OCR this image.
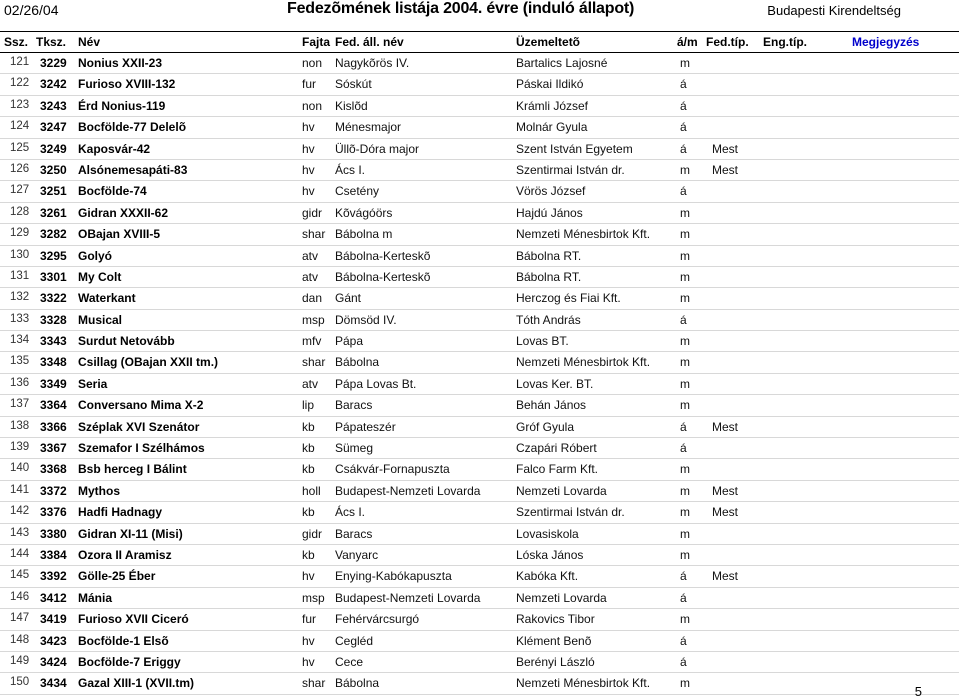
02/26/04	Fedezõmének listája 2004. évre (induló állapot)	Budapesti Kirendeltség
Ssz. Tksz. Név	Fajta Fed. áll. név	Üzemeltetõ	á/m Fed.típ. Eng.típ.	Megjegyzés
121 3229 Nonius XXII-23	non Nagykõrös IV.	Bartalics Lajosné	m
122 3242 Furioso XVIII-132	fur Sóskút	Páskai Ildikó	á
123 3243 Érd Nonius-119	non Kislõd	Krámli József	á
124 3247 Bocfölde-77 Delelõ	hv Ménesmajor	Molnár Gyula	á
125 3249 Kaposvár-42	hv Üllõ-Dóra major	Szent István Egyetem	á Mest
126 3250 Alsónemesapáti-83	hv Ács I.	Szentirmai István dr.	m Mest
127 3251 Bocfölde-74	hv Csetény	Vörös József	á
128 3261 Gidran XXXII-62	gidr Kõvágóörs	Hajdú János	m
129 3282 OBajan XVIII-5	shar Bábolna m	Nemzeti Ménesbirtok Kft. m
130 3295 Golyó	atv Bábolna-Kerteskõ	Bábolna RT.	m
131 3301 My Colt	atv Bábolna-Kerteskõ	Bábolna RT.	m
132 3322 Waterkant	dan Gánt	Herczog és Fiai Kft.	m
133 3328 Musical	msp Dömsöd IV.	Tóth András	á
134 3343 Surdut Netovább	mfv Pápa	Lovas BT.	m
135 3348 Csillag (OBajan XXII tm.)	shar Bábolna	Nemzeti Ménesbirtok Kft. m
136 3349 Seria	atv Pápa Lovas Bt.	Lovas Ker. BT.	m
137 3364 Conversano Mima X-2	lip Baracs	Behán János	m
138 3366 Széplak XVI Szenátor	kb Pápateszér	Gróf Gyula	á Mest
139 3367 Szemafor I Szélhámos	kb Sümeg	Czapári Róbert	á
140 3368 Bsb herceg I Bálint	kb Csákvár-Fornapuszta	Falco Farm Kft.	m
141 3372 Mythos	holl Budapest-Nemzeti Lovarda	Nemzeti Lovarda	m Mest
142 3376 Hadfi Hadnagy	kb Ács I.	Szentirmai István dr.	m Mest
143 3380 Gidran XI-11 (Misi)	gidr Baracs	Lovasiskola	m
144 3384 Ozora II Aramisz	kb Vanyarc	Lóska János	m
145 3392 Gölle-25 Éber	hv Enying-Kabókapuszta	Kabóka Kft.	á Mest
146 3412 Mánia	msp Budapest-Nemzeti Lovarda	Nemzeti Lovarda	á
147 3419 Furioso XVII Ciceró	fur Fehérvárcsurgó	Rakovics Tibor	m
148 3423 Bocfölde-1 Elsõ	hv Cegléd	Klément Benõ	á
149 3424 Bocfölde-7 Eriggy	hv Cece	Berényi László	á
150 3434 Gazal XIII-1 (XVII.tm)	shar Bábolna	Nemzeti Ménesbirtok Kft. m
5
